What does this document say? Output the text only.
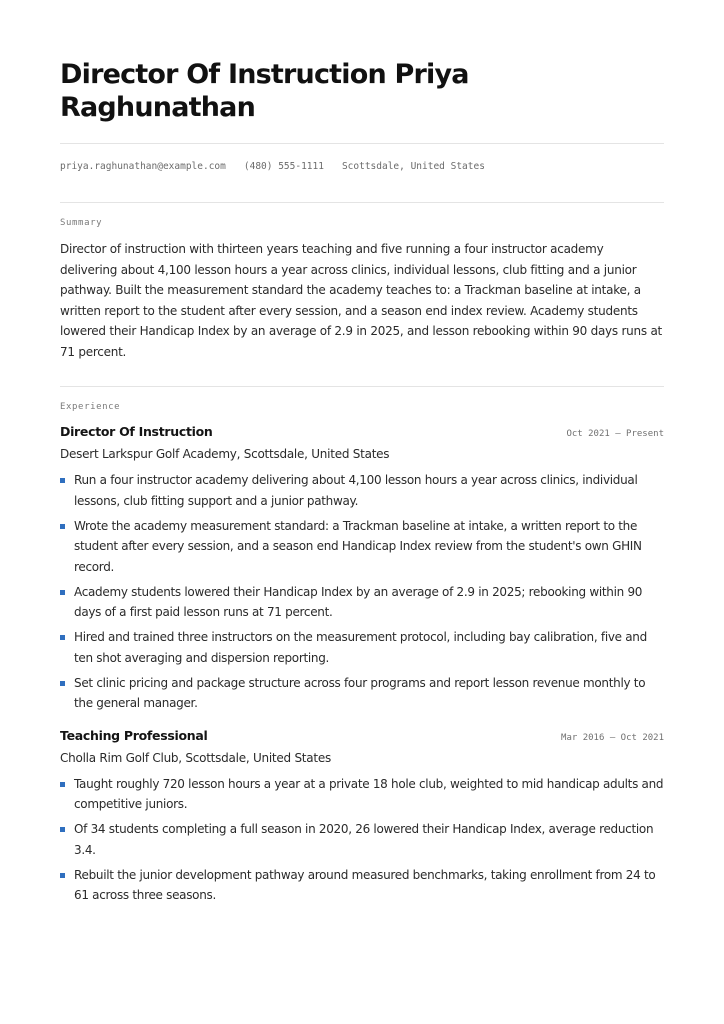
Director Of Instruction Priya Raghunathan
priya.raghunathan@example.com (480) 555-1111 Scottsdale, United States
Summary

Director of instruction with thirteen years teaching and five running a four instructor academy delivering about 4,100 lesson hours a year across clinics, individual lessons, club fitting and a junior pathway. Built the measurement standard the academy teaches to: a Trackman baseline at intake, a written report to the student after every session, and a season end index review. Academy students lowered their Handicap Index by an average of 2.9 in 2025, and lesson rebooking within 90 days runs at 71 percent.

Experience
Director Of Instruction	Oct 2021 — Present
Desert Larkspur Golf Academy, Scottsdale, United States
Run a four instructor academy delivering about 4,100 lesson hours a year across clinics, individual lessons, club fitting support and a junior pathway.
Wrote the academy measurement standard: a Trackman baseline at intake, a written report to the student after every session, and a season end Handicap Index review from the student's own GHIN record.
Academy students lowered their Handicap Index by an average of 2.9 in 2025; rebooking within 90 days of a first paid lesson runs at 71 percent.
Hired and trained three instructors on the measurement protocol, including bay calibration, five and ten shot averaging and dispersion reporting.
Set clinic pricing and package structure across four programs and report lesson revenue monthly to the general manager.
Teaching Professional	Mar 2016 — Oct 2021
Cholla Rim Golf Club, Scottsdale, United States
Taught roughly 720 lesson hours a year at a private 18 hole club, weighted to mid handicap adults and competitive juniors.
Of 34 students completing a full season in 2020, 26 lowered their Handicap Index, average reduction 3.4.
Rebuilt the junior development pathway around measured benchmarks, taking enrollment from 24 to 61 across three seasons.
